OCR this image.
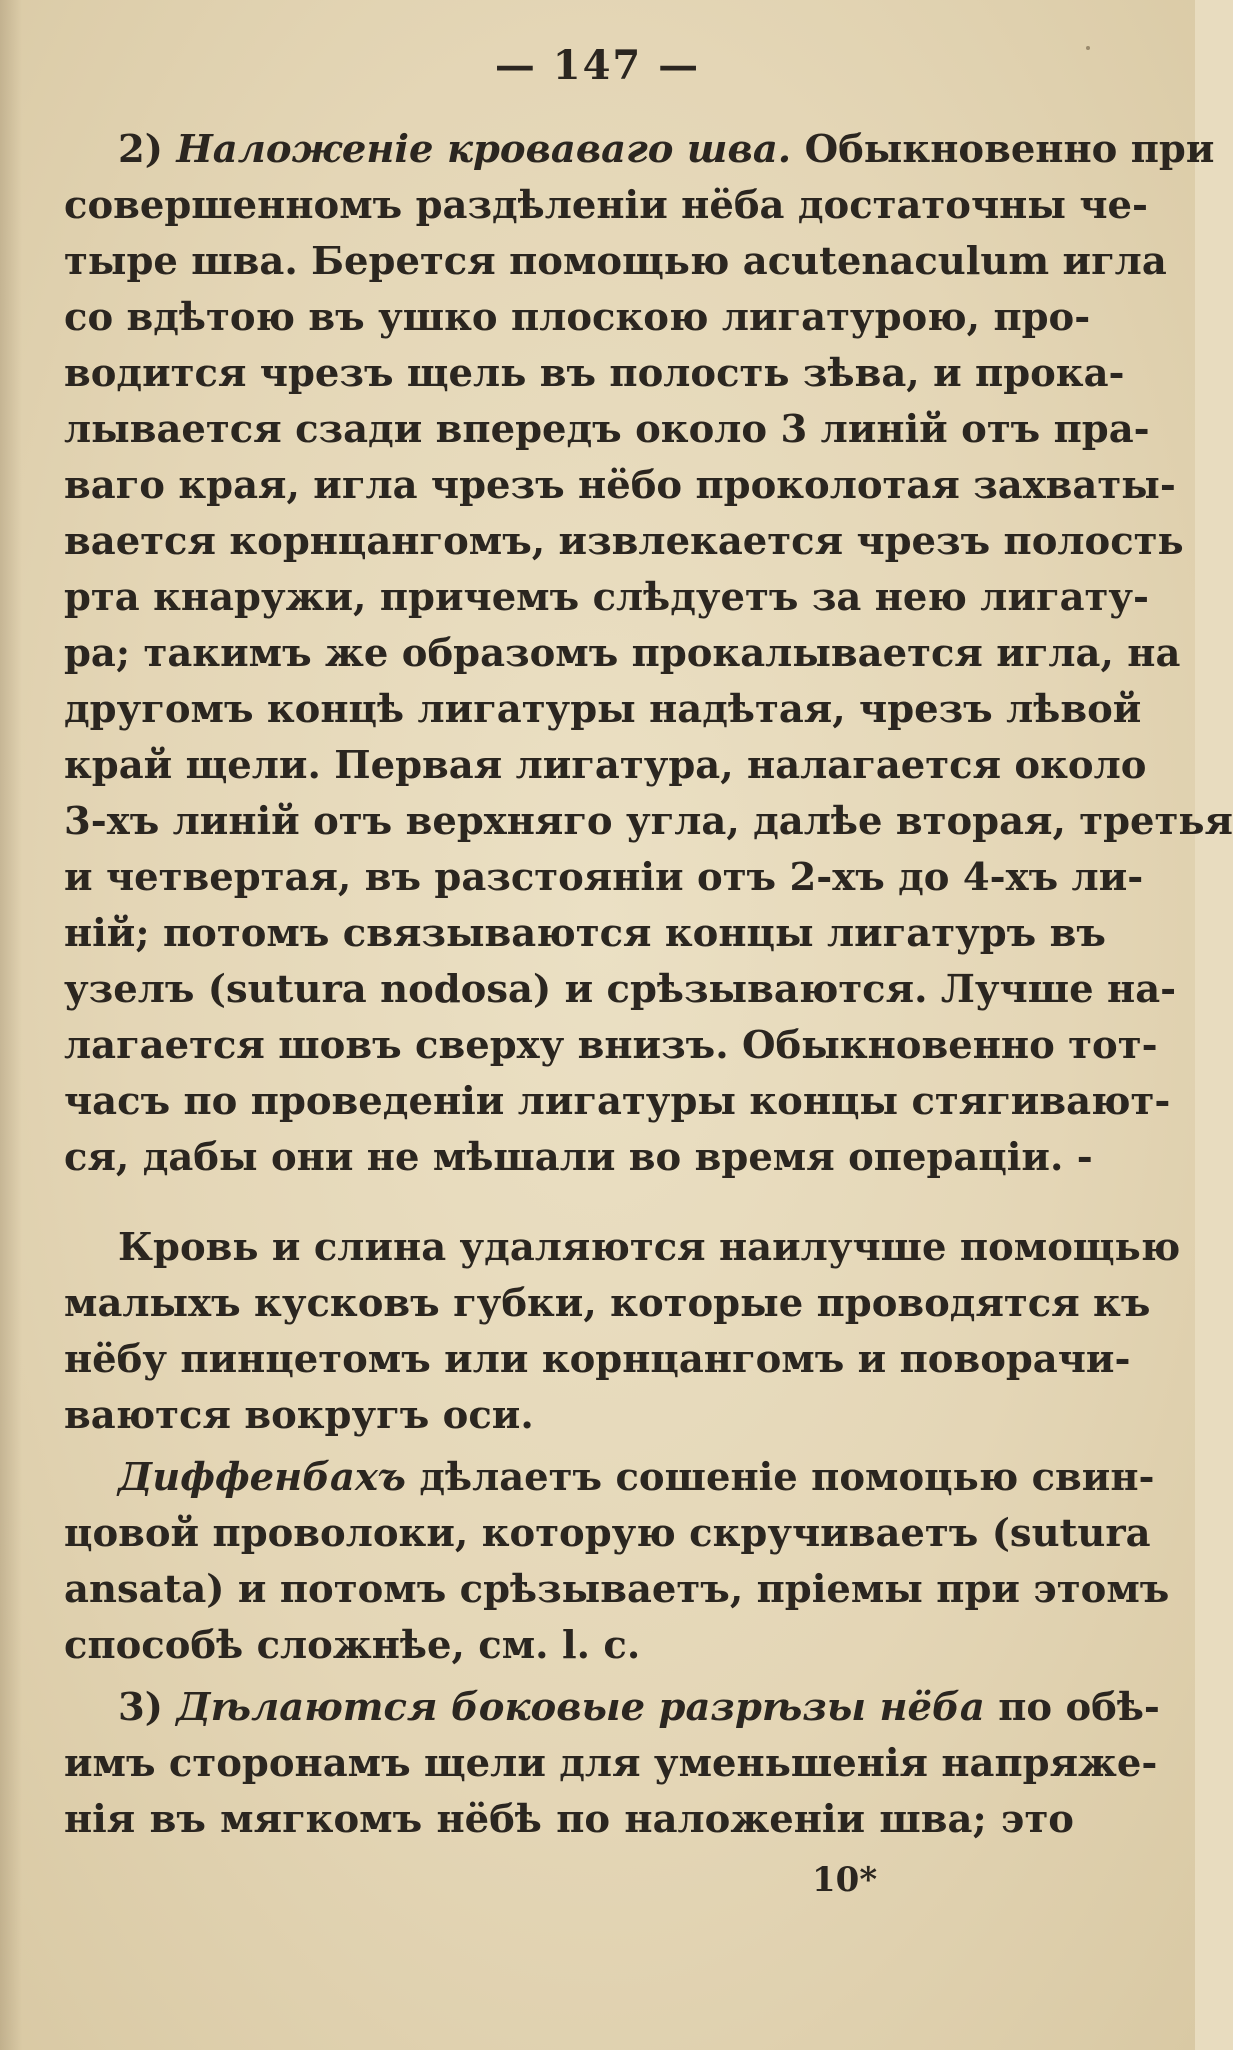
— 147 —
2) Наложеніе кроваваго шва. Обыкновенно при
совершенномъ раздѣленіи нёба достаточны че-
тыре шва. Берется помощью acutenaculum игла
со вдѣтою въ ушко плоскою лигатурою, про-
водится чрезъ щель въ полость зѣва, и прока-
лывается сзади впередъ около 3 линій отъ пра-
ваго края, игла чрезъ нёбо проколотая захваты-
вается корнцангомъ, извлекается чрезъ полость
рта кнаружи, причемъ слѣдуетъ за нею лигату-
ра; такимъ же образомъ прокалывается игла, на
другомъ концѣ лигатуры надѣтая, чрезъ лѣвой
край щели. Первая лигатура, налагается около
3-хъ линій отъ верхняго угла, далѣе вторая, третья
и четвертая, въ разстояніи отъ 2-хъ до 4-хъ ли-
ній; потомъ связываются концы лигатуръ въ
узелъ (sutura nodosa) и срѣзываются. Лучше на-
лагается шовъ сверху внизъ. Обыкновенно тот-
часъ по проведеніи лигатуры концы стягивают-
ся, дабы они не мѣшали во время операціи. -
Кровь и слина удаляются наилучше помощью
малыхъ кусковъ губки, которые проводятся къ
нёбу пинцетомъ или корнцангомъ и поворачи-
ваются вокругъ оси.
Диффенбахъ дѣлаетъ сошеніе помоцью свин-
цовой проволоки, которую скручиваетъ (sutura
ansata) и потомъ срѣзываетъ, пріемы при этомъ
способѣ сложнѣе, см. l. c.
3) Дѣлаются боковые разрѣзы нёба по обѣ-
имъ сторонамъ щели для уменьшенія напряже-
нія въ мягкомъ нёбѣ по наложеніи шва; это
10*
